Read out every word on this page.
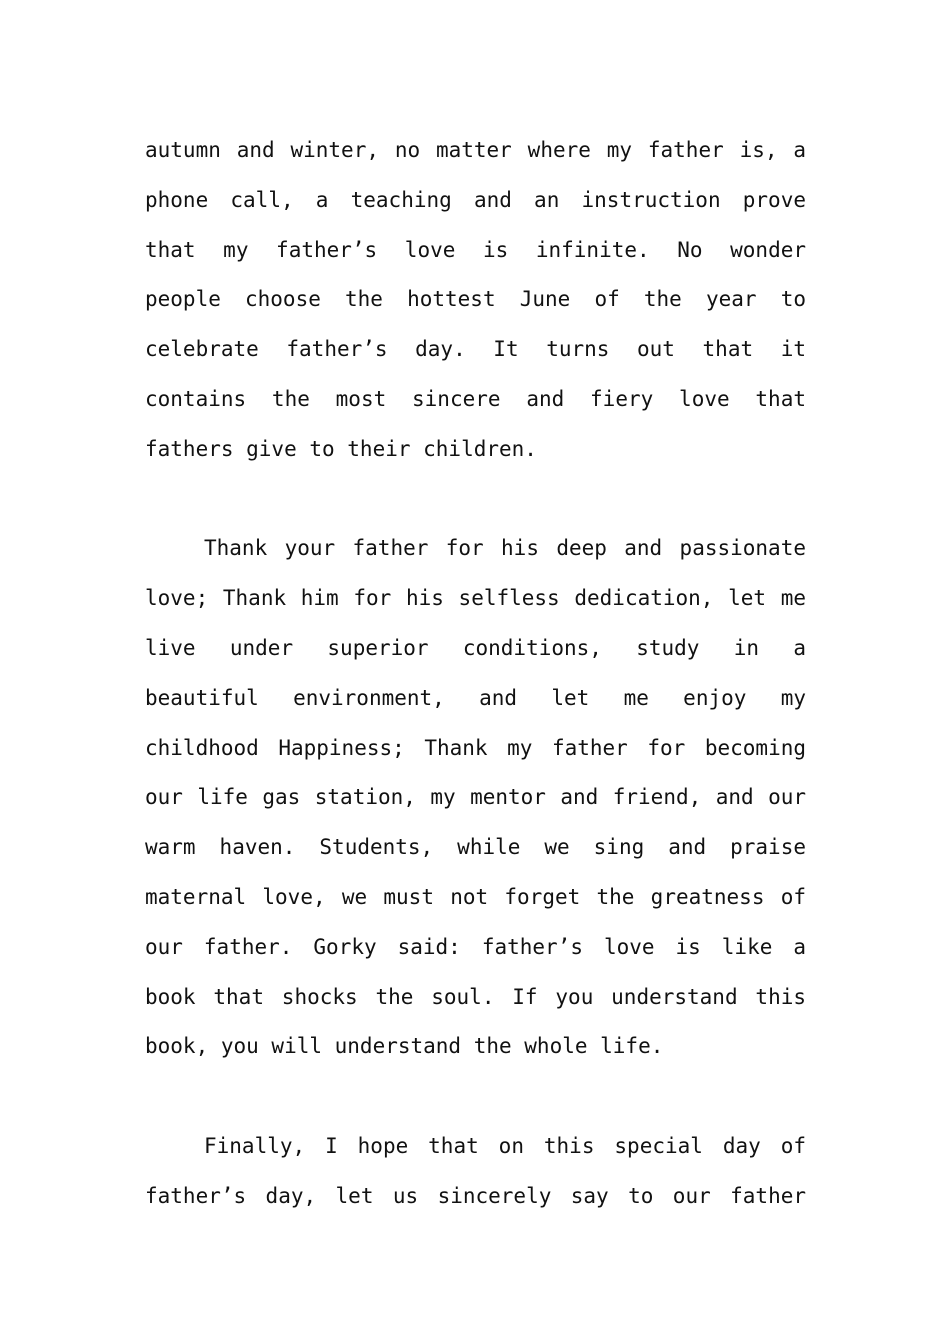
autumn and winter, no matter where my father is, a
phone call, a teaching and an instruction prove
that my father’s love is infinite. No wonder
people choose the hottest June of the year to
celebrate father’s day. It turns out that it
contains the most sincere and fiery love that
fathers give to their children.
Thank your father for his deep and passionate
love; Thank him for his selfless dedication, let me
live under superior conditions, study in a
beautiful environment, and let me enjoy my
childhood Happiness; Thank my father for becoming
our life gas station, my mentor and friend, and our
warm haven. Students, while we sing and praise
maternal love, we must not forget the greatness of
our father. Gorky said: father’s love is like a
book that shocks the soul. If you understand this
book, you will understand the whole life.
Finally, I hope that on this special day of
father’s day, let us sincerely say to our father
